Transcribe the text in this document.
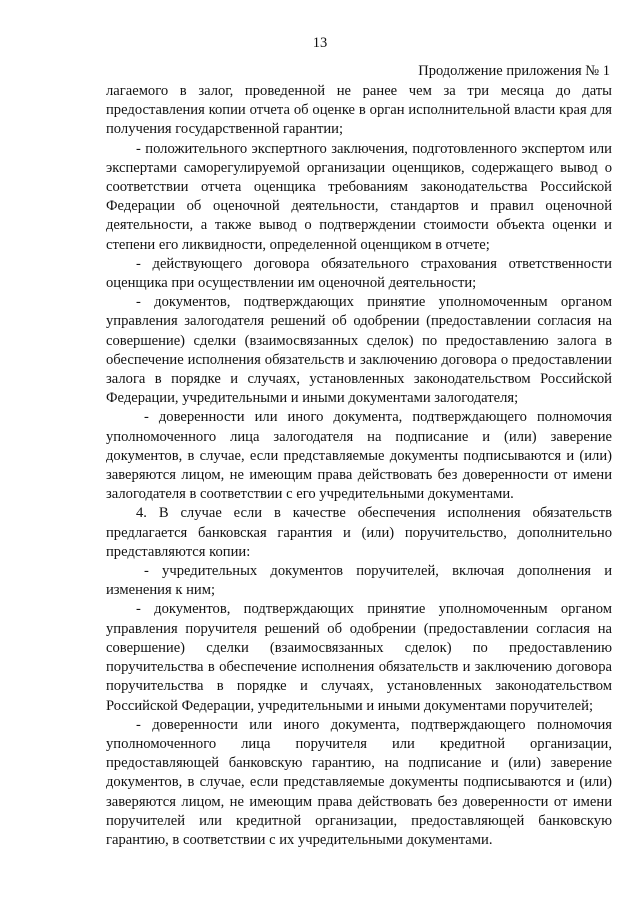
13
Продолжение приложения № 1

лагаемого в залог, проведенной не ранее чем за три месяца до даты предоставления копии отчета об оценке в орган исполнительной власти края для получения государственной гарантии;

- положительного экспертного заключения, подготовленного экспертом или экспертами саморегулируемой организации оценщиков, содержащего вывод о соответствии отчета оценщика требованиям законодательства Российской Федерации об оценочной деятельности, стандартов и правил оценочной деятельности, а также вывод о подтверждении стоимости объекта оценки и степени его ликвидности, определенной оценщиком в отчете;

- действующего договора обязательного страхования ответственности оценщика при осуществлении им оценочной деятельности;

- документов, подтверждающих принятие уполномоченным органом управления залогодателя решений об одобрении (предоставлении согласия на совершение) сделки (взаимосвязанных сделок) по предоставлению залога в обеспечение исполнения обязательств и заключению договора о предоставлении залога в порядке и случаях, установленных законодательством Российской Федерации, учредительными и иными документами залогодателя;

- доверенности или иного документа, подтверждающего полномочия уполномоченного лица залогодателя на подписание и (или) заверение документов, в случае, если представляемые документы подписываются и (или) заверяются лицом, не имеющим права действовать без доверенности от имени залогодателя в соответствии с его учредительными документами.

4. В случае если в качестве обеспечения исполнения обязательств предлагается банковская гарантия и (или) поручительство, дополнительно представляются копии:

- учредительных документов поручителей, включая дополнения и изменения к ним;

- документов, подтверждающих принятие уполномоченным органом управления поручителя решений об одобрении (предоставлении согласия на совершение) сделки (взаимосвязанных сделок) по предоставлению поручительства в обеспечение исполнения обязательств и заключению договора поручительства в порядке и случаях, установленных законодательством Российской Федерации, учредительными и иными документами поручителей;

- доверенности или иного документа, подтверждающего полномочия уполномоченного лица поручителя или кредитной организации, предоставляющей банковскую гарантию, на подписание и (или) заверение документов, в случае, если представляемые документы подписываются и (или) заверяются лицом, не имеющим права действовать без доверенности от имени поручителей или кредитной организации, предоставляющей банковскую гарантию, в соответствии с их учредительными документами.
